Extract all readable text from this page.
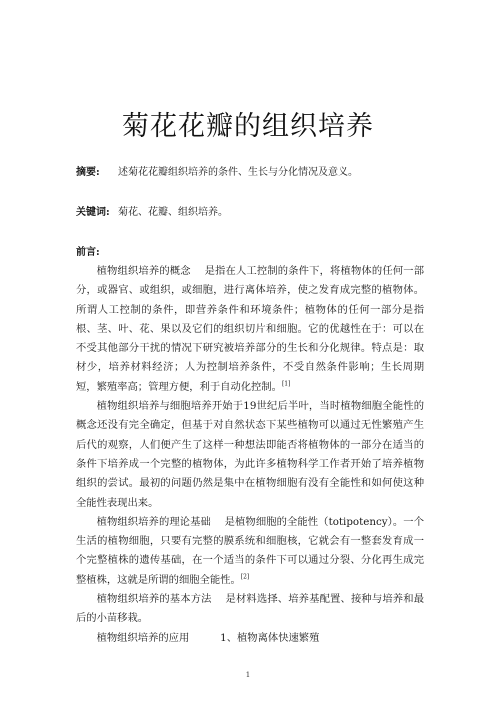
菊花花瓣的组织培养
摘要: 述菊花花瓣组织培养的条件、生长与分化情况及意义。
关键词: 菊花、花瓣、组织培养。
前言:

植物组织培养的概念　 是指在人工控制的条件下，将植物体的任何一部分，或器官、或组织，或细胞，进行离体培养，使之发育成完整的植物体。所谓人工控制的条件，即营养条件和环境条件；植物体的任何一部分是指根、茎、叶、花、果以及它们的组织切片和细胞。它的优越性在于：可以在不受其他部分干扰的情况下研究被培养部分的生长和分化规律。特点是：取材少，培养材料经济；人为控制培养条件，不受自然条件影响；生长周期短，繁殖率高；管理方便，利于自动化控制。[1]

植物组织培养与细胞培养开始于19世纪后半叶，当时植物细胞全能性的概念还没有完全确定，但基于对自然状态下某些植物可以通过无性繁殖产生后代的观察，人们便产生了这样一种想法即能否将植物体的一部分在适当的条件下培养成一个完整的植物体，为此许多植物科学工作者开始了培养植物组织的尝试。最初的问题仍然是集中在植物细胞有没有全能性和如何使这种全能性表现出来。

植物组织培养的理论基础　 是植物细胞的全能性（totipotency）。一个生活的植物细胞，只要有完整的膜系统和细胞核，它就会有一整套发育成一个完整植株的遗传基础，在一个适当的条件下可以通过分裂、分化再生成完整植株，这就是所谓的细胞全能性。[2]

植物组织培养的基本方法　 是材料选择、培养基配置、接种与培养和最后的小苗移栽。

植物组织培养的应用　　　1、植物离体快速繁殖

1
